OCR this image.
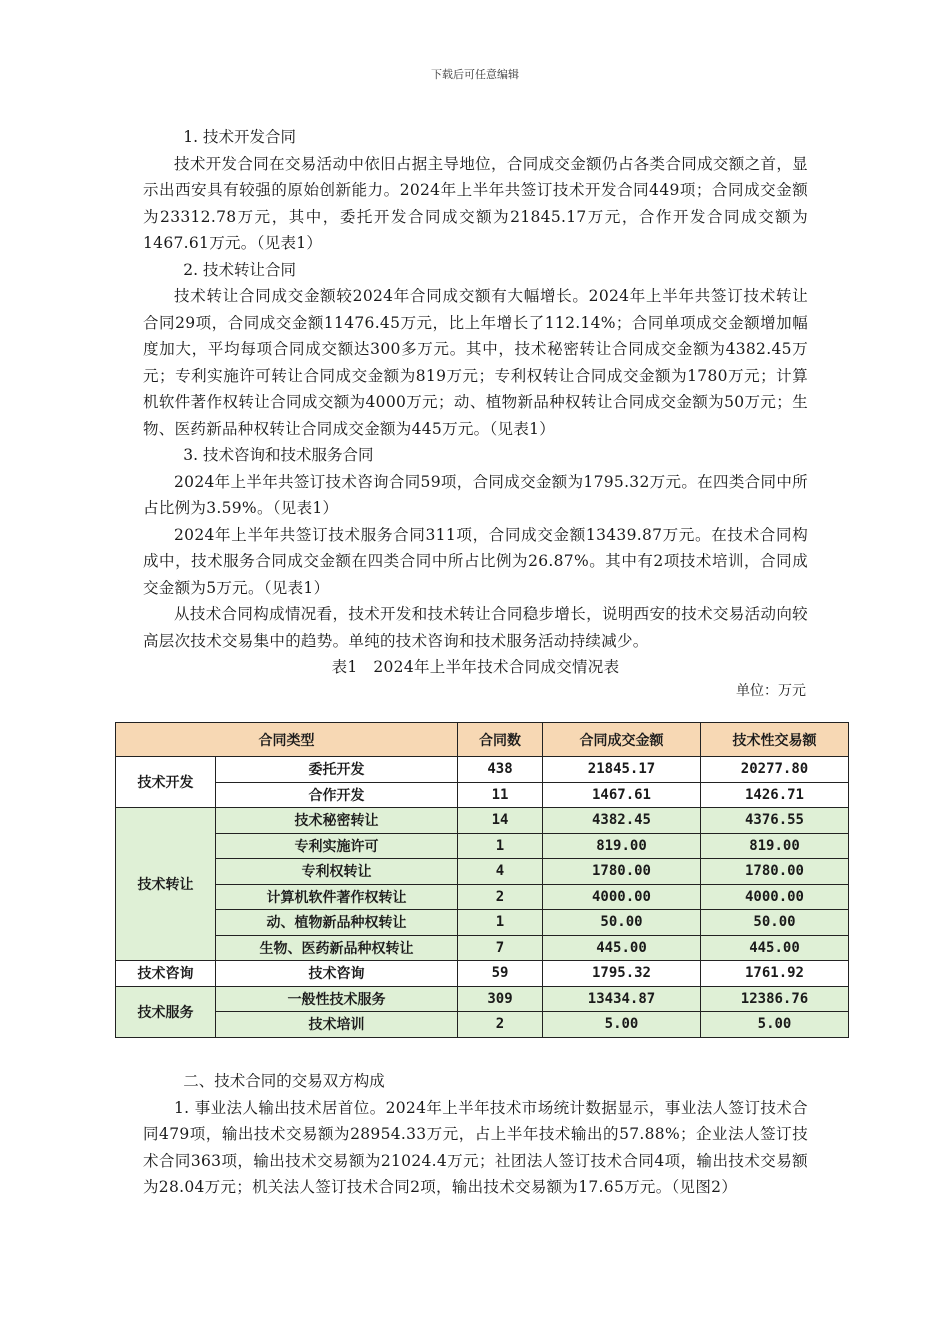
下载后可任意编辑

1. 技术开发合同

技术开发合同在交易活动中依旧占据主导地位，合同成交金额仍占各类合同成交额之首，显示出西安具有较强的原始创新能力。2024年上半年共签订技术开发合同449项；合同成交金额为23312.78万元，其中，委托开发合同成交额为21845.17万元，合作开发合同成交额为1467.61万元。（见表1）

2. 技术转让合同

技术转让合同成交金额较2024年合同成交额有大幅增长。2024年上半年共签订技术转让合同29项，合同成交金额11476.45万元，比上年增长了112.14%；合同单项成交金额增加幅度加大，平均每项合同成交额达300多万元。其中，技术秘密转让合同成交金额为4382.45万元；专利实施许可转让合同成交金额为819万元；专利权转让合同成交金额为1780万元；计算机软件著作权转让合同成交额为4000万元；动、植物新品种权转让合同成交金额为50万元；生物、医药新品种权转让合同成交金额为445万元。（见表1）

3. 技术咨询和技术服务合同

2024年上半年共签订技术咨询合同59项，合同成交金额为1795.32万元。在四类合同中所占比例为3.59%。（见表1）

2024年上半年共签订技术服务合同311项，合同成交金额13439.87万元。在技术合同构成中，技术服务合同成交金额在四类合同中所占比例为26.87%。其中有2项技术培训，合同成交金额为5万元。（见表1）

从技术合同构成情况看，技术开发和技术转让合同稳步增长，说明西安的技术交易活动向较高层次技术交易集中的趋势。单纯的技术咨询和技术服务活动持续减少。

表1　2024年上半年技术合同成交情况表

单位：万元

合同类型		合同数	合同成交金额	技术性交易额
技术开发	委托开发	438	21845.17	20277.80
	合作开发	11	1467.61	1426.71
技术转让	技术秘密转让	14	4382.45	4376.55
	专利实施许可	1	819.00	819.00
	专利权转让	4	1780.00	1780.00
	计算机软件著作权转让	2	4000.00	4000.00
	动、植物新品种权转让	1	50.00	50.00
	生物、医药新品种权转让	7	445.00	445.00
技术咨询	技术咨询	59	1795.32	1761.92
技术服务	一般性技术服务	309	13434.87	12386.76
	技术培训	2	5.00	5.00

二、技术合同的交易双方构成

1. 事业法人输出技术居首位。2024年上半年技术市场统计数据显示，事业法人签订技术合同479项，输出技术交易额为28954.33万元，占上半年技术输出的57.88%；企业法人签订技术合同363项，输出技术交易额为21024.4万元；社团法人签订技术合同4项，输出技术交易额为28.04万元；机关法人签订技术合同2项，输出技术交易额为17.65万元。（见图2）
